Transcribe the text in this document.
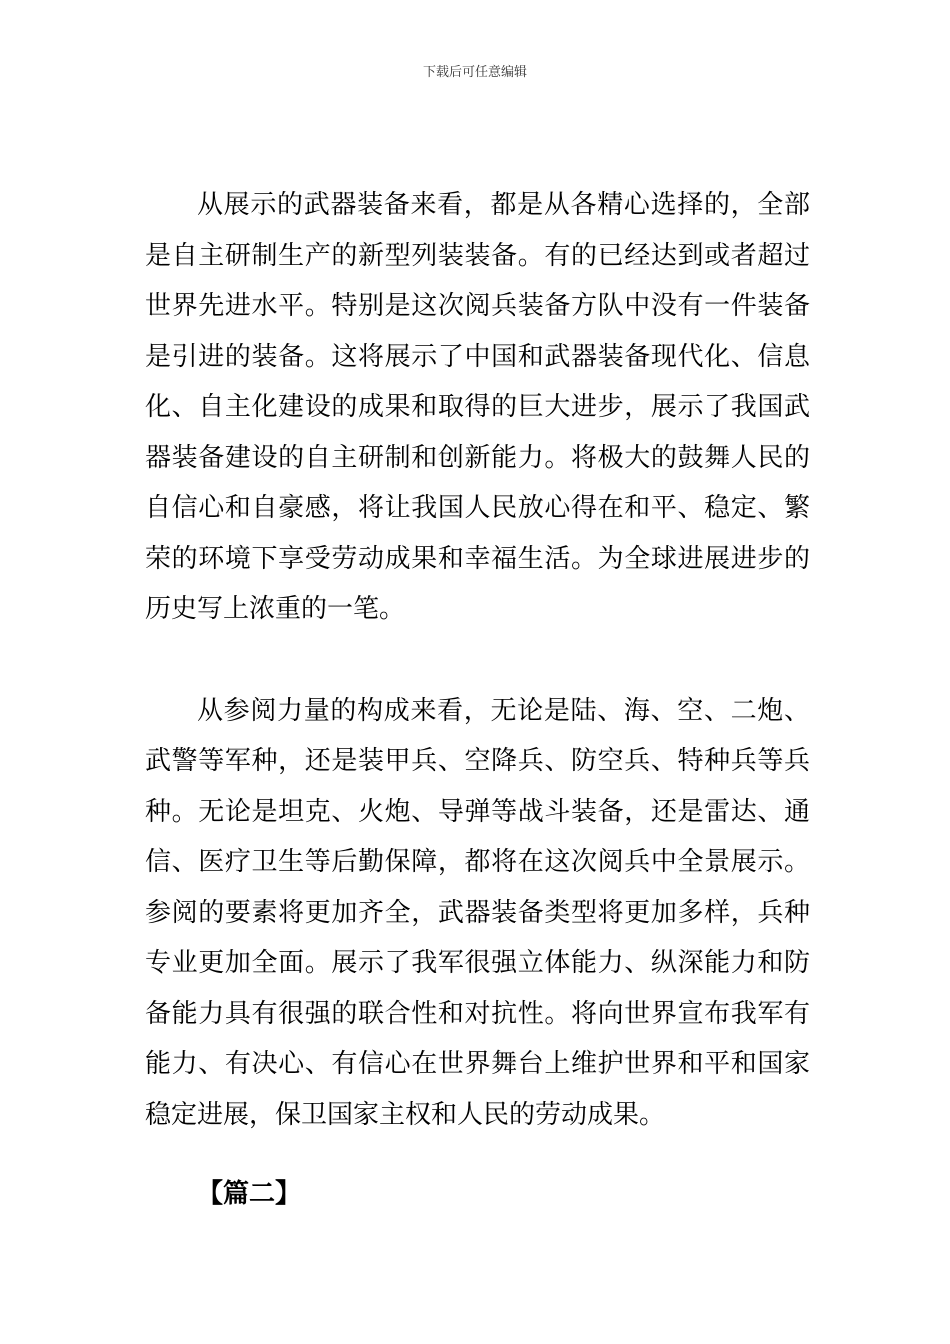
下载后可任意编辑

从展示的武器装备来看，都是从各精心选择的，全部是自主研制生产的新型列装装备。有的已经达到或者超过世界先进水平。特别是这次阅兵装备方队中没有一件装备是引进的装备。这将展示了中国和武器装备现代化、信息化、自主化建设的成果和取得的巨大进步，展示了我国武器装备建设的自主研制和创新能力。将极大的鼓舞人民的自信心和自豪感，将让我国人民放心得在和平、稳定、繁荣的环境下享受劳动成果和幸福生活。为全球进展进步的历史写上浓重的一笔。

从参阅力量的构成来看，无论是陆、海、空、二炮、武警等军种，还是装甲兵、空降兵、防空兵、特种兵等兵种。无论是坦克、火炮、导弹等战斗装备，还是雷达、通信、医疗卫生等后勤保障，都将在这次阅兵中全景展示。参阅的要素将更加齐全，武器装备类型将更加多样，兵种专业更加全面。展示了我军很强立体能力、纵深能力和防备能力具有很强的联合性和对抗性。将向世界宣布我军有能力、有决心、有信心在世界舞台上维护世界和平和国家稳定进展，保卫国家主权和人民的劳动成果。

【篇二】
